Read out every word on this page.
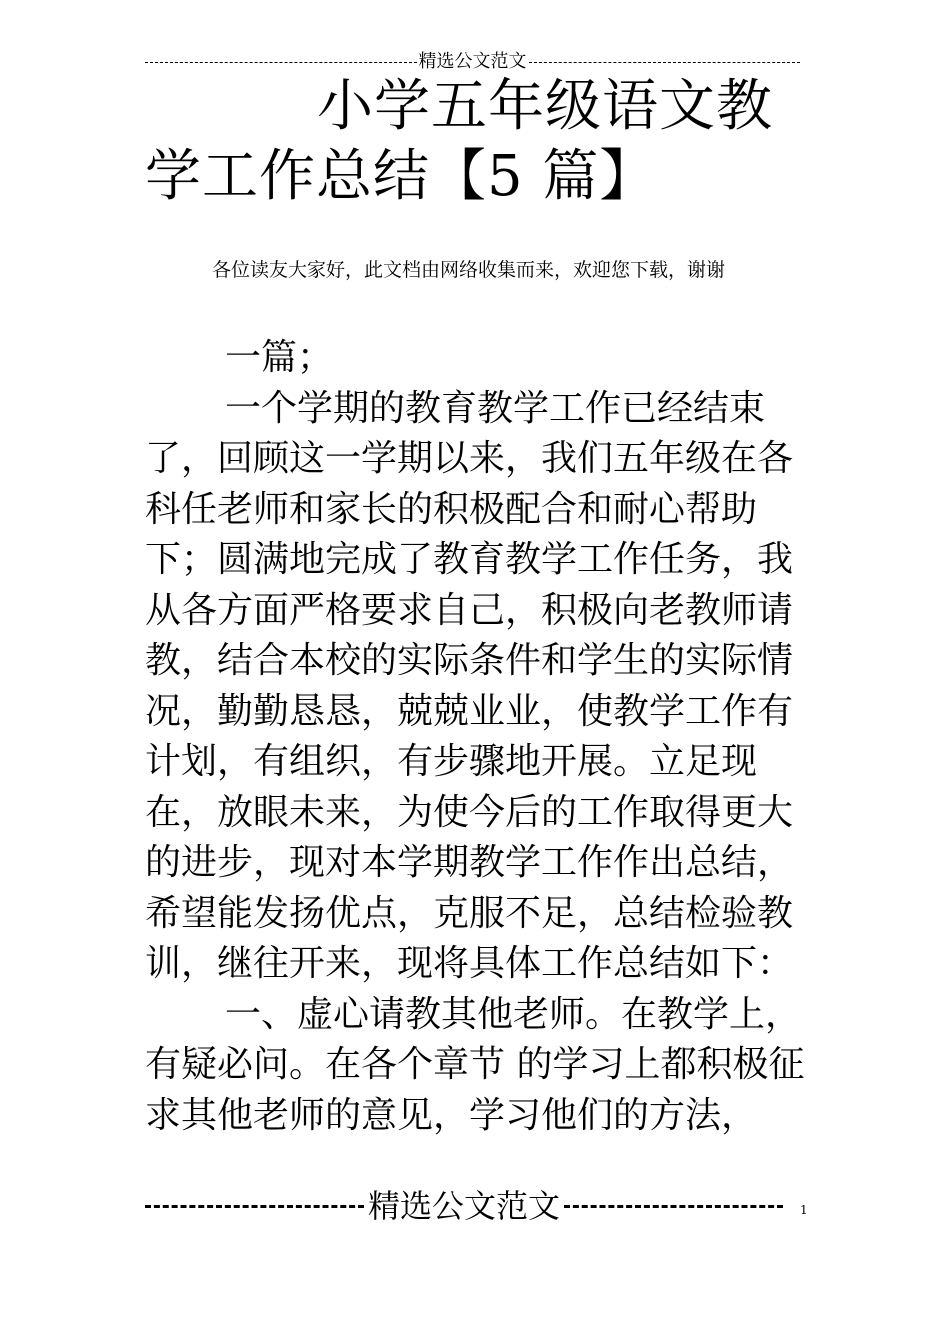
精选公文范文
小学五年级语文教学工作总结【5 篇】
各位读友大家好，此文档由网络收集而来，欢迎您下载，谢谢

一篇；

一个学期的教育教学工作已经结束了，回顾这一学期以来，我们五年级在各科任老师和家长的积极配合和耐心帮助下；圆满地完成了教育教学工作任务，我从各方面严格要求自己，积极向老教师请教，结合本校的实际条件和学生的实际情况，勤勤恳恳，兢兢业业，使教学工作有计划，有组织，有步骤地开展。立足现在，放眼未来，为使今后的工作取得更大的进步，现对本学期教学工作作出总结，希望能发扬优点，克服不足，总结检验教训，继往开来，现将具体工作总结如下：

一、虚心请教其他老师。在教学上，有疑必问。在各个章节 的学习上都积极征求其他老师的意见，学习他们的方法，

精选公文范文	1
